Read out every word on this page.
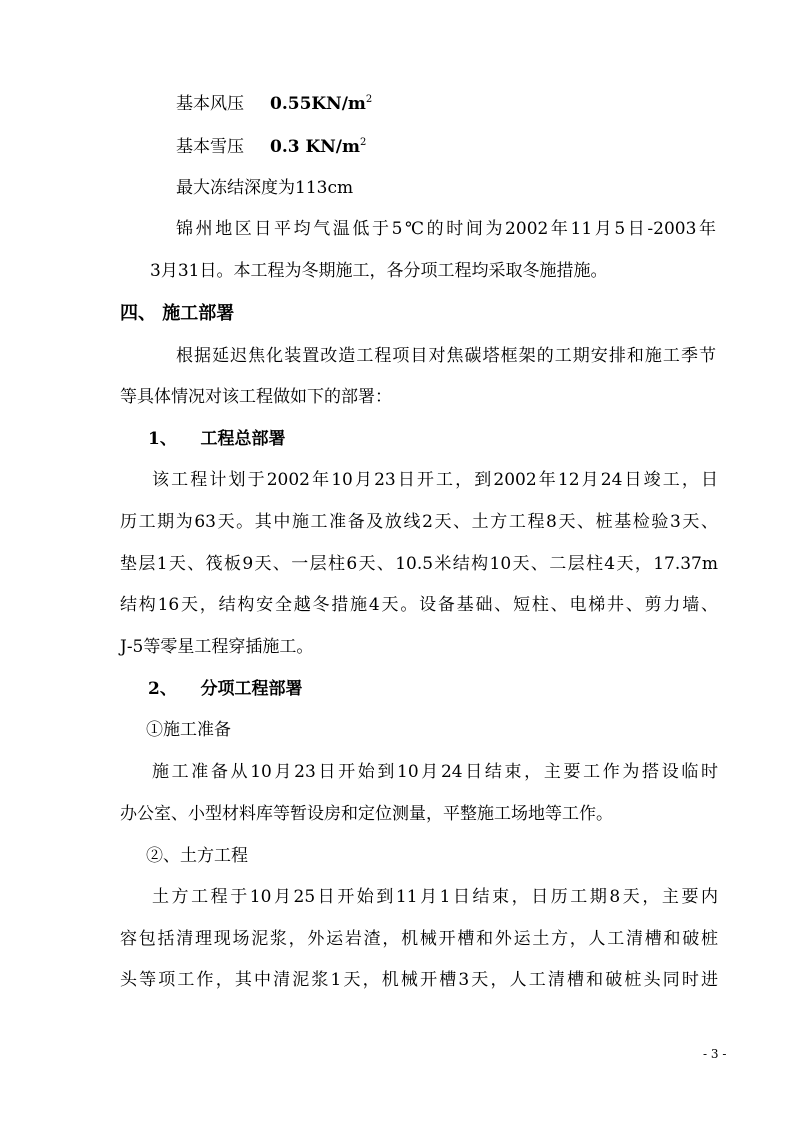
基本风压 $0.55KN/m^2$
基本雪压 0.3 $KN/m^2$
最大冻结深度为113cm
锦州地区日平均气温低于5℃的时间为2002年11月5日-2003年
3月31日。本工程为冬期施工，各分项工程均采取冬施措施。
四、 施工部署
根据延迟焦化装置改造工程项目对焦碳塔框架的工期安排和施工季节
等具体情况对该工程做如下的部署：
1、    工程总部署
该工程计划于2002年10月23日开工，到2002年12月24日竣工，日
历工期为63天。其中施工准备及放线2天、土方工程8天、桩基检验3天、
垫层1天、筏板9天、一层柱6天、10.5米结构10天、二层柱4天，17.37m
结构16天，结构安全越冬措施4天。设备基础、短柱、电梯井、剪力墙、
J-5等零星工程穿插施工。
2、    分项工程部署
①施工准备
施工准备从10月23日开始到10月24日结束，主要工作为搭设临时
办公室、小型材料库等暂设房和定位测量，平整施工场地等工作。
②、土方工程
土方工程于10月25日开始到11月1日结束，日历工期8天，主要内
容包括清理现场泥浆，外运岩渣，机械开槽和外运土方，人工清槽和破桩
头等项工作，其中清泥浆1天，机械开槽3天，人工清槽和破桩头同时进
- 3 -
